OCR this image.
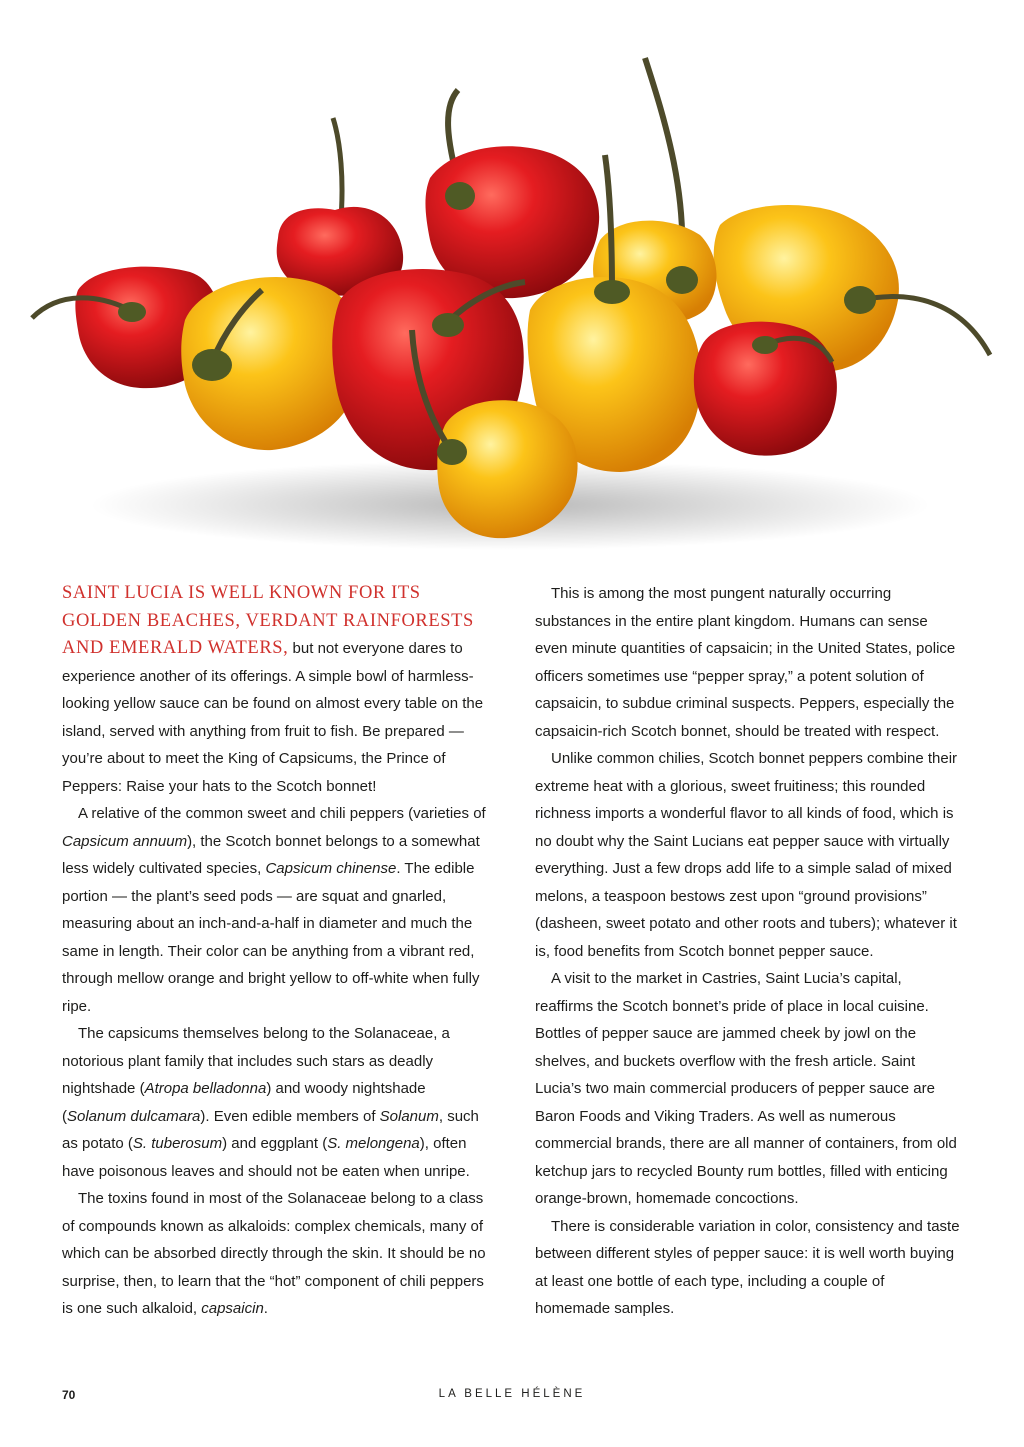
SAINT LUCIA IS WELL KNOWN FOR ITS GOLDEN BEACHES, VERDANT RAINFORESTS AND EMERALD WATERS, but not everyone dares to experience another of its offerings. A simple bowl of harmless-looking yellow sauce can be found on almost every table on the island, served with anything from fruit to fish. Be prepared — you’re about to meet the King of Capsicums, the Prince of Peppers: Raise your hats to the Scotch bonnet!

A relative of the common sweet and chili peppers (varieties of Capsicum annuum), the Scotch bonnet belongs to a somewhat less widely cultivated species, Capsicum chinense. The edible portion — the plant’s seed pods — are squat and gnarled, measuring about an inch-and-a-half in diameter and much the same in length. Their color can be anything from a vibrant red, through mellow orange and bright yellow to off-white when fully ripe.

The capsicums themselves belong to the Solanaceae, a notorious plant family that includes such stars as deadly nightshade (Atropa belladonna) and woody nightshade (Solanum dulcamara). Even edible members of Solanum, such as potato (S. tuberosum) and eggplant (S. melongena), often have poisonous leaves and should not be eaten when unripe.

The toxins found in most of the Solanaceae belong to a class of compounds known as alkaloids: complex chemicals, many of which can be absorbed directly through the skin. It should be no surprise, then, to learn that the “hot” component of chili peppers is one such alkaloid, capsaicin.

This is among the most pungent naturally occurring substances in the entire plant kingdom. Humans can sense even minute quantities of capsaicin; in the United States, police officers sometimes use “pepper spray,” a potent solution of capsaicin, to subdue criminal suspects. Peppers, especially the capsaicin-rich Scotch bonnet, should be treated with respect.

Unlike common chilies, Scotch bonnet peppers combine their extreme heat with a glorious, sweet fruitiness; this rounded richness imports a wonderful flavor to all kinds of food, which is no doubt why the Saint Lucians eat pepper sauce with virtually everything. Just a few drops add life to a simple salad of mixed melons, a teaspoon bestows zest upon “ground provisions” (dasheen, sweet potato and other roots and tubers); whatever it is, food benefits from Scotch bonnet pepper sauce.

A visit to the market in Castries, Saint Lucia’s capital, reaffirms the Scotch bonnet’s pride of place in local cuisine. Bottles of pepper sauce are jammed cheek by jowl on the shelves, and buckets overflow with the fresh article. Saint Lucia’s two main commercial producers of pepper sauce are Baron Foods and Viking Traders. As well as numerous commercial brands, there are all manner of containers, from old ketchup jars to recycled Bounty rum bottles, filled with enticing orange-brown, homemade concoctions.

There is considerable variation in color, consistency and taste between different styles of pepper sauce: it is well worth buying at least one bottle of each type, including a couple of homemade samples.

70	LA BELLE HÉLÈNE
